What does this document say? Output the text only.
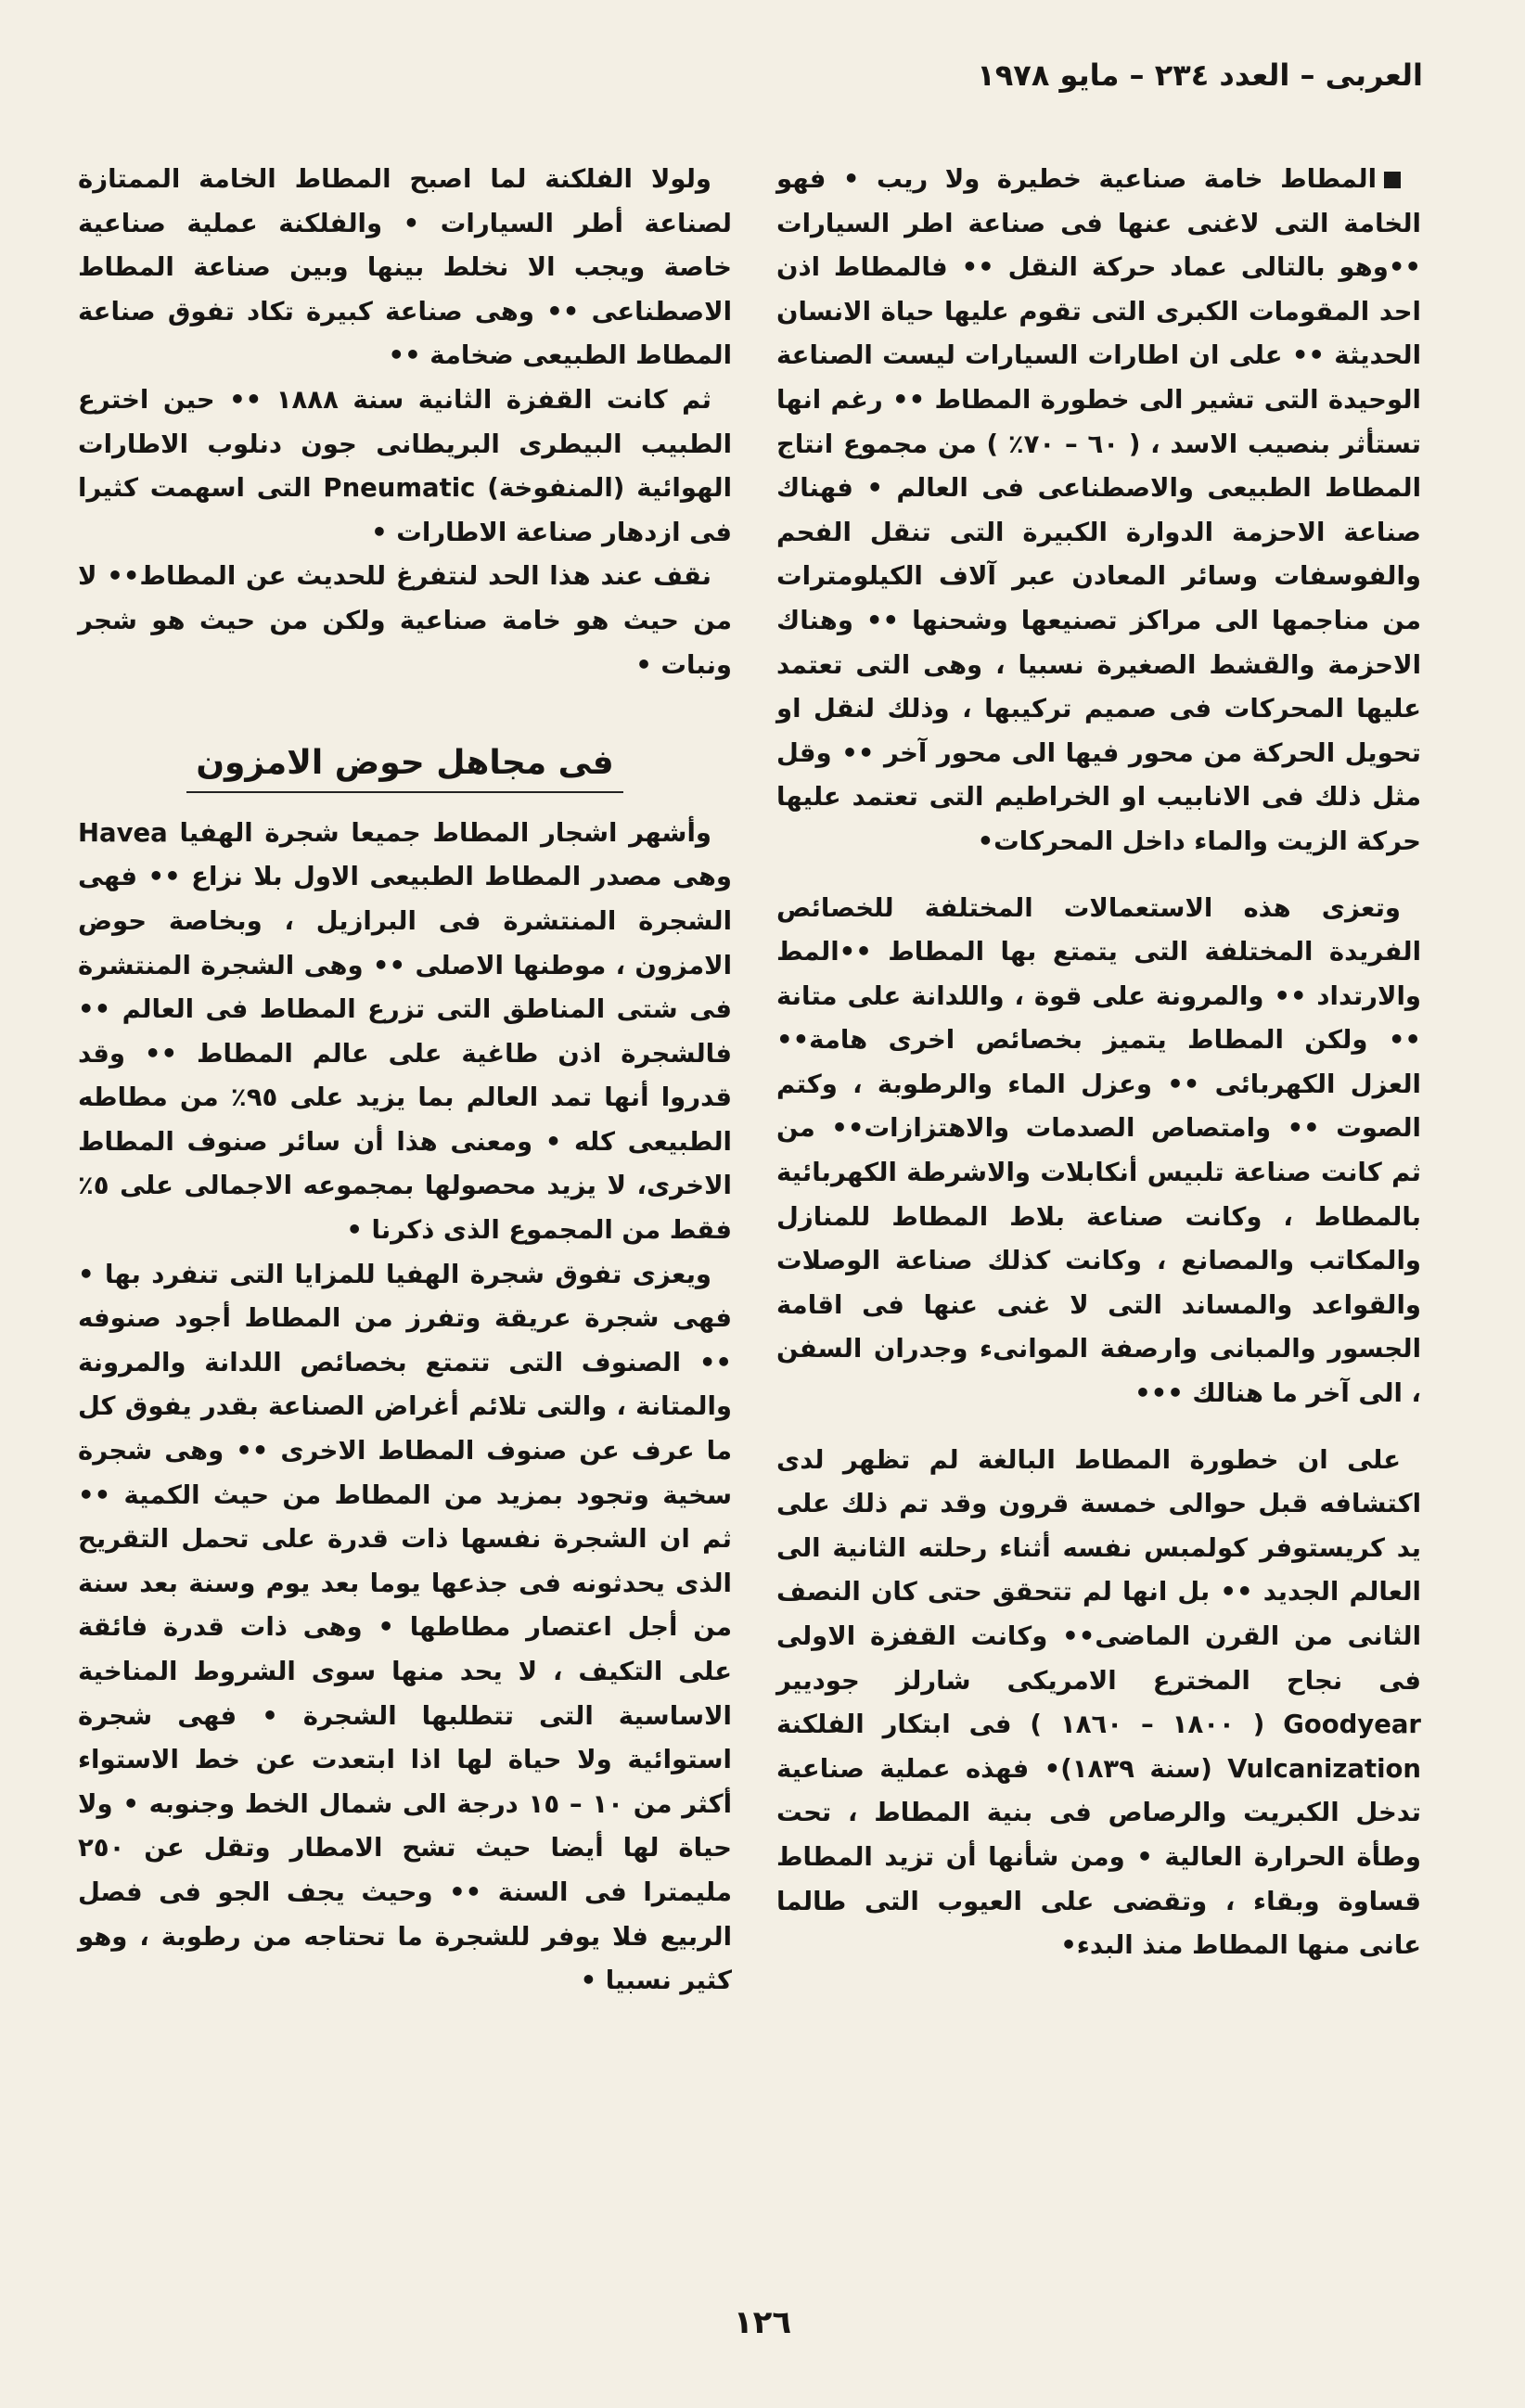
العربى – العدد ٢٣٤ – مايو ١٩٧٨

المطاط خامة صناعية خطيرة ولا ريب • فهو الخامة التى لاغنى عنها فى صناعة اطر السيارات ••وهو بالتالى عماد حركة النقل •• فالمطاط اذن احد المقومات الكبرى التى تقوم عليها حياة الانسان الحديثة •• على ان اطارات السيارات ليست الصناعة الوحيدة التى تشير الى خطورة المطاط •• رغم انها تستأثر بنصيب الاسد ، ( ٦٠ – ٧٠٪ ) من مجموع انتاج المطاط الطبيعى والاصطناعى فى العالم • فهناك صناعة الاحزمة الدوارة الكبيرة التى تنقل الفحم والفوسفات وسائر المعادن عبر آلاف الكيلومترات من مناجمها الى مراكز تصنيعها وشحنها •• وهناك الاحزمة والقشط الصغيرة نسبيا ، وهى التى تعتمد عليها المحركات فى صميم تركيبها ، وذلك لنقل او تحويل الحركة من محور فيها الى محور آخر •• وقل مثل ذلك فى الانابيب او الخراطيم التى تعتمد عليها حركة الزيت والماء داخل المحركات•

وتعزى هذه الاستعمالات المختلفة للخصائص الفريدة المختلفة التى يتمتع بها المطاط ••المط والارتداد •• والمرونة على قوة ، واللدانة على متانة •• ولكن المطاط يتميز بخصائص اخرى هامة•• العزل الكهربائى •• وعزل الماء والرطوبة ، وكتم الصوت •• وامتصاص الصدمات والاهتزازات•• من ثم كانت صناعة تلبيس أنكابلات والاشرطة الكهربائية بالمطاط ، وكانت صناعة بلاط المطاط للمنازل والمكاتب والمصانع ، وكانت كذلك صناعة الوصلات والقواعد والمساند التى لا غنى عنها فى اقامة الجسور والمبانى وارصفة الموانىء وجدران السفن ، الى آخر ما هنالك •••

على ان خطورة المطاط البالغة لم تظهر لدى اكتشافه قبل حوالى خمسة قرون وقد تم ذلك على يد كريستوفر كولمبس نفسه أثناء رحلته الثانية الى العالم الجديد •• بل انها لم تتحقق حتى كان النصف الثانى من القرن الماضى•• وكانت القفزة الاولى فى نجاح المخترع الامريكى شارلز جوديير Goodyear ( ١٨٠٠ – ١٨٦٠ ) فى ابتكار الفلكنة Vulcanization (سنة ١٨٣٩)• فهذه عملية صناعية تدخل الكبريت والرصاص فى بنية المطاط ، تحت وطأة الحرارة العالية • ومن شأنها أن تزيد المطاط قساوة وبقاء ، وتقضى على العيوب التى طالما عانى منها المطاط منذ البدء•

ولولا الفلكنة لما اصبح المطاط الخامة الممتازة لصناعة أطر السيارات • والفلكنة عملية صناعية خاصة ويجب الا نخلط بينها وبين صناعة المطاط الاصطناعى •• وهى صناعة كبيرة تكاد تفوق صناعة المطاط الطبيعى ضخامة ••

ثم كانت القفزة الثانية سنة ١٨٨٨ •• حين اخترع الطبيب البيطرى البريطانى جون دنلوب الاطارات الهوائية (المنفوخة) Pneumatic التى اسهمت كثيرا فى ازدهار صناعة الاطارات •

نقف عند هذا الحد لنتفرغ للحديث عن المطاط•• لا من حيث هو خامة صناعية ولكن من حيث هو شجر ونبات •

فى مجاهل حوض الامزون

وأشهر اشجار المطاط جميعا شجرة الهفيا Havea وهى مصدر المطاط الطبيعى الاول بلا نزاع •• فهى الشجرة المنتشرة فى البرازيل ، وبخاصة حوض الامزون ، موطنها الاصلى •• وهى الشجرة المنتشرة فى شتى المناطق التى تزرع المطاط فى العالم •• فالشجرة اذن طاغية على عالم المطاط •• وقد قدروا أنها تمد العالم بما يزيد على ٩٥٪ من مطاطه الطبيعى كله • ومعنى هذا أن سائر صنوف المطاط الاخرى، لا يزيد محصولها بمجموعه الاجمالى على ٥٪ فقط من المجموع الذى ذكرنا •

ويعزى تفوق شجرة الهفيا للمزايا التى تنفرد بها • فهى شجرة عريقة وتفرز من المطاط أجود صنوفه •• الصنوف التى تتمتع بخصائص اللدانة والمرونة والمتانة ، والتى تلائم أغراض الصناعة بقدر يفوق كل ما عرف عن صنوف المطاط الاخرى •• وهى شجرة سخية وتجود بمزيد من المطاط من حيث الكمية •• ثم ان الشجرة نفسها ذات قدرة على تحمل التقريح الذى يحدثونه فى جذعها يوما بعد يوم وسنة بعد سنة من أجل اعتصار مطاطها • وهى ذات قدرة فائقة على التكيف ، لا يحد منها سوى الشروط المناخية الاساسية التى تتطلبها الشجرة • فهى شجرة استوائية ولا حياة لها اذا ابتعدت عن خط الاستواء أكثر من ١٠ – ١٥ درجة الى شمال الخط وجنوبه • ولا حياة لها أيضا حيث تشح الامطار وتقل عن ٢٥٠ مليمترا فى السنة •• وحيث يجف الجو فى فصل الربيع فلا يوفر للشجرة ما تحتاجه من رطوبة ، وهو كثير نسبيا •

١٢٦
